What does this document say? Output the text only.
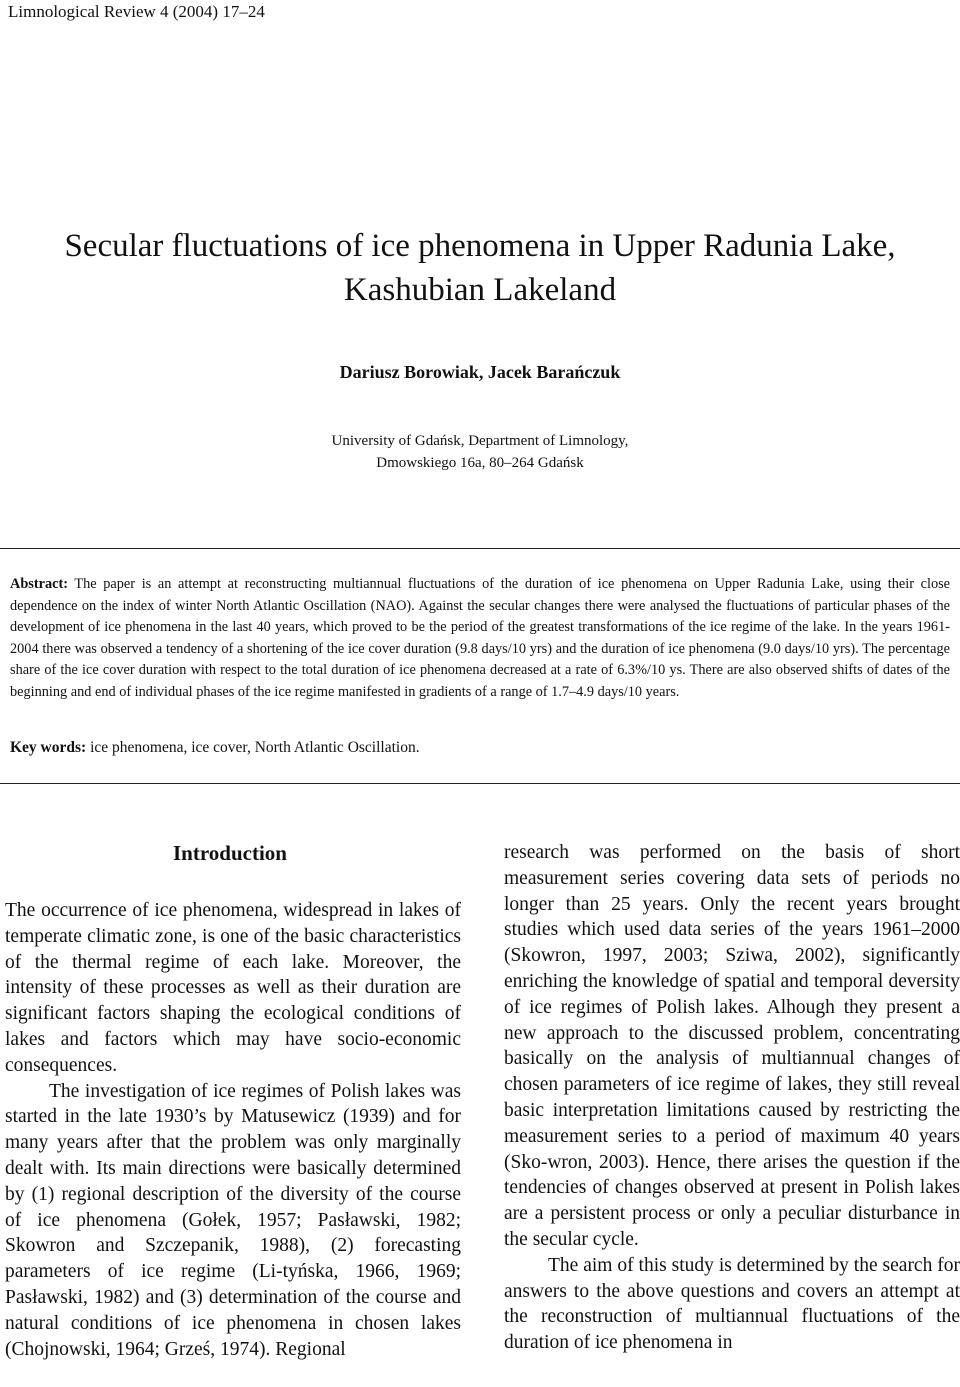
Limnological Review 4 (2004) 17–24
Secular fluctuations of ice phenomena in Upper Radunia Lake,
Kashubian Lakeland
Dariusz Borowiak, Jacek Barańczuk
University of Gdańsk, Department of Limnology,
Dmowskiego 16a, 80–264 Gdańsk
Abstract: The paper is an attempt at reconstructing multiannual fluctuations of the duration of ice phenomena on Upper Radunia Lake, using their close dependence on the index of winter North Atlantic Oscillation (NAO). Against the secular changes there were analysed the fluctuations of particular phases of the development of ice phenomena in the last 40 years, which proved to be the period of the greatest transformations of the ice regime of the lake. In the years 1961-2004 there was observed a tendency of a shortening of the ice cover duration (9.8 days/10 yrs) and the duration of ice phenomena (9.0 days/10 yrs). The percentage share of the ice cover duration with respect to the total duration of ice phenomena decreased at a rate of 6.3%/10 ys. There are also observed shifts of dates of the beginning and end of individual phases of the ice regime manifested in gradients of a range of 1.7–4.9 days/10 years.
Key words: ice phenomena, ice cover, North Atlantic Oscillation.
Introduction

The occurrence of ice phenomena, widespread in lakes of temperate climatic zone, is one of the basic characteristics of the thermal regime of each lake. Moreover, the intensity of these processes as well as their duration are significant factors shaping the ecological conditions of lakes and factors which may have socio-economic consequences.

The investigation of ice regimes of Polish lakes was started in the late 1930’s by Matusewicz (1939) and for many years after that the problem was only marginally dealt with. Its main directions were basically determined by (1) regional description of the diversity of the course of ice phenomena (Gołek, 1957; Pasławski, 1982; Skowron and Szczepanik, 1988), (2) forecasting parameters of ice regime (Li-tyńska, 1966, 1969; Pasławski, 1982) and (3) determination of the course and natural conditions of ice phenomena in chosen lakes (Chojnowski, 1964; Grześ, 1974). Regional

research was performed on the basis of short measurement series covering data sets of periods no longer than 25 years. Only the recent years brought studies which used data series of the years 1961–2000 (Skowron, 1997, 2003; Sziwa, 2002), significantly enriching the knowledge of spatial and temporal deversity of ice regimes of Polish lakes. Alhough they present a new approach to the discussed problem, concentrating basically on the analysis of multiannual changes of chosen parameters of ice regime of lakes, they still reveal basic interpretation limitations caused by restricting the measurement series to a period of maximum 40 years (Sko-wron, 2003). Hence, there arises the question if the tendencies of changes observed at present in Polish lakes are a persistent process or only a peculiar disturbance in the secular cycle.

The aim of this study is determined by the search for answers to the above questions and covers an attempt at the reconstruction of multiannual fluctuations of the duration of ice phenomena in
